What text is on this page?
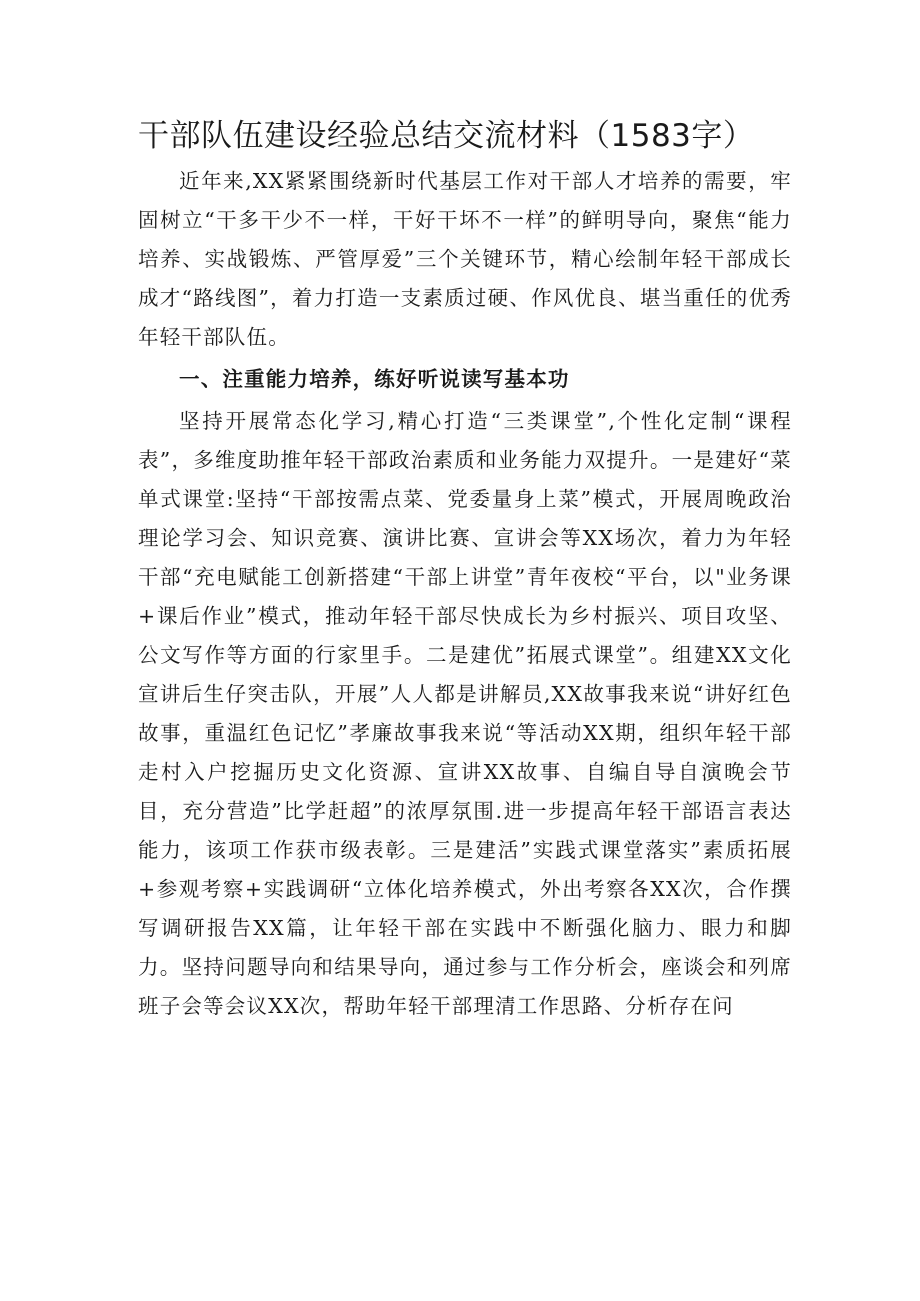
干部队伍建设经验总结交流材料（1583字）

近年来,XX紧紧围绕新时代基层工作对干部人才培养的需要，牢固树立“干多干少不一样，干好干坏不一样”的鲜明导向，聚焦“能力培养、实战锻炼、严管厚爱”三个关键环节，精心绘制年轻干部成长成才“路线图”，着力打造一支素质过硬、作风优良、堪当重任的优秀年轻干部队伍。

一、注重能力培养，练好听说读写基本功

坚持开展常态化学习,精心打造“三类课堂”,个性化定制“课程表”，多维度助推年轻干部政治素质和业务能力双提升。一是建好“菜单式课堂:坚持“干部按需点菜、党委量身上菜”模式，开展周晚政治理论学习会、知识竞赛、演讲比赛、宣讲会等XX场次，着力为年轻干部“充电赋能工创新搭建“干部上讲堂”青年夜校“平台，以"业务课+课后作业”模式，推动年轻干部尽快成长为乡村振兴、项目攻坚、公文写作等方面的行家里手。二是建优”拓展式课堂”。组建XX文化宣讲后生仔突击队，开展”人人都是讲解员,XX故事我来说“讲好红色故事，重温红色记忆”孝廉故事我来说“等活动XX期，组织年轻干部走村入户挖掘历史文化资源、宣讲XX故事、自编自导自演晚会节目，充分营造”比学赶超”的浓厚氛围.进一步提高年轻干部语言表达能力，该项工作获市级表彰。三是建活”实践式课堂落实”素质拓展+参观考察+实践调研“立体化培养模式，外出考察各XX次，合作撰写调研报告XX篇，让年轻干部在实践中不断强化脑力、眼力和脚力。坚持问题导向和结果导向，通过参与工作分析会，座谈会和列席班子会等会议XX次，帮助年轻干部理清工作思路、分析存在问
